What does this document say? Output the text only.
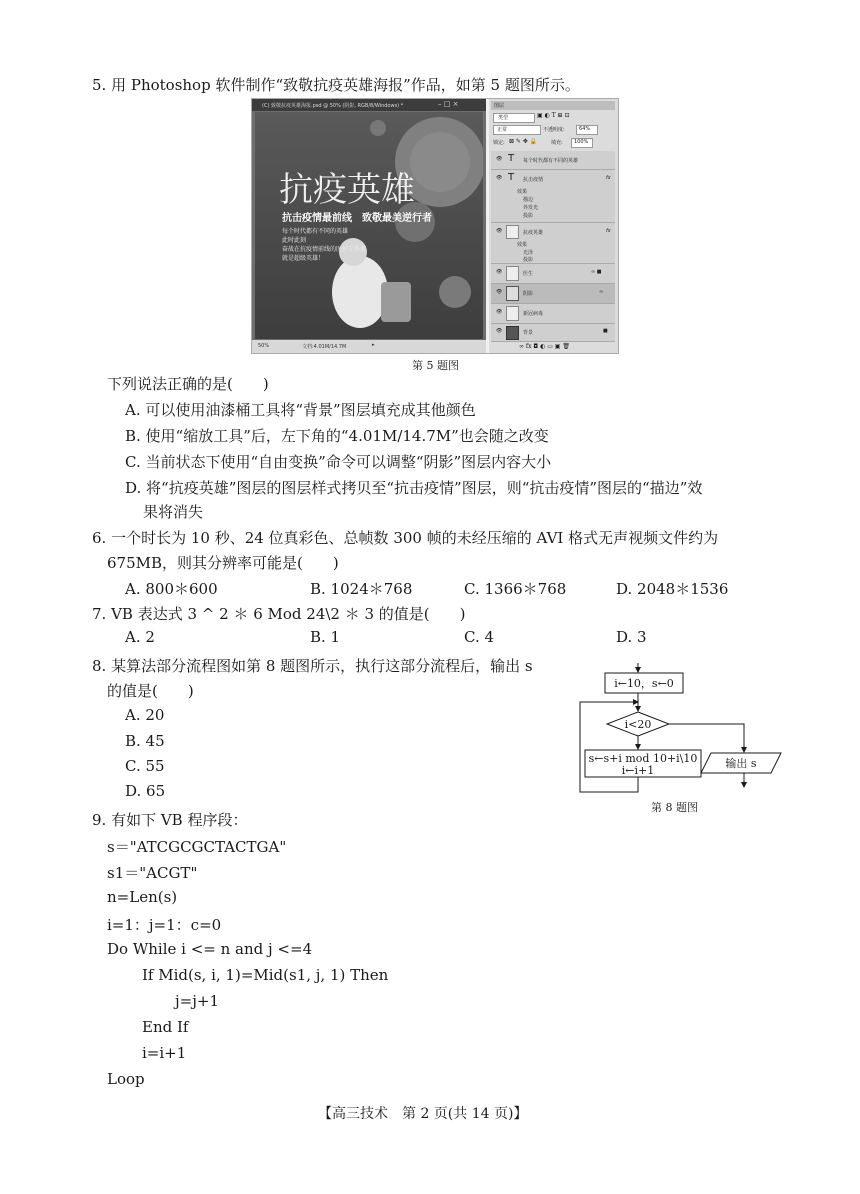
5. 用 Photoshop 软件制作“致敬抗疫英雄海报”作品，如第 5 题图所示。
(C) 致敬抗疫英雄海报.psd @ 50% (阴影, RGB/8/Windows) *	– □ ×
抗疫英雄
抗击疫情最前线　致敬最美逆行者
每个时代都有不同的英雄
此时此刻
奋战在抗疫情前线的医护工作者
就是超级英雄！
50%	文档:4.01M/14.7M	▸
图层
类型	▣ ◐ T ⊞ ⊡
正常	不透明度:	64%
锁定: ⊠ ✎ ✥ 🔒	填充: 100%
👁 T 每个时代都有不同的英雄
👁 T 抗击疫情	fx
效果
描边
外发光
投影
👁	抗疫英雄	fx
效果
光泽
投影
👁	医生	∞ ■
👁	阴影	∞
👁	新冠病毒
👁	背景	■
∞ fx ◘ ◐ ▭ ▣ 🗑
第 5 题图
下列说法正确的是(　　)
A. 可以使用油漆桶工具将“背景”图层填充成其他颜色
B. 使用“缩放工具”后，左下角的“4.01M/14.7M”也会随之改变
C. 当前状态下使用“自由变换”命令可以调整“阴影”图层内容大小
D. 将“抗疫英雄”图层的图层样式拷贝至“抗击疫情”图层，则“抗击疫情”图层的“描边”效
果将消失
6. 一个时长为 10 秒、24 位真彩色、总帧数 300 帧的未经压缩的 AVI 格式无声视频文件约为
675MB，则其分辨率可能是(　　)
A. 800＊600	B. 1024＊768	C. 1366＊768	D. 2048＊1536
7. VB 表达式 3 ^ 2 ＊ 6 Mod 24\2 ＊ 3 的值是(　　)
A. 2	B. 1	C. 4	D. 3
8. 某算法部分流程图如第 8 题图所示，执行这部分流程后，输出 s
的值是(　　)
A. 20
B. 45
C. 55
D. 65
i←10，s←0
i<20
s←s+i mod 10+i\10
i←i+1
输出 s
第 8 题图
9. 有如下 VB 程序段：
s＝"ATCGCGCTACTGA"
s1＝"ACGT"
n=Len(s)
i=1：j=1：c=0
Do While i <= n and j <=4
If Mid(s, i, 1)=Mid(s1, j, 1) Then
j=j+1
End If
i=i+1
Loop
【高三技术　第 2 页(共 14 页)】
